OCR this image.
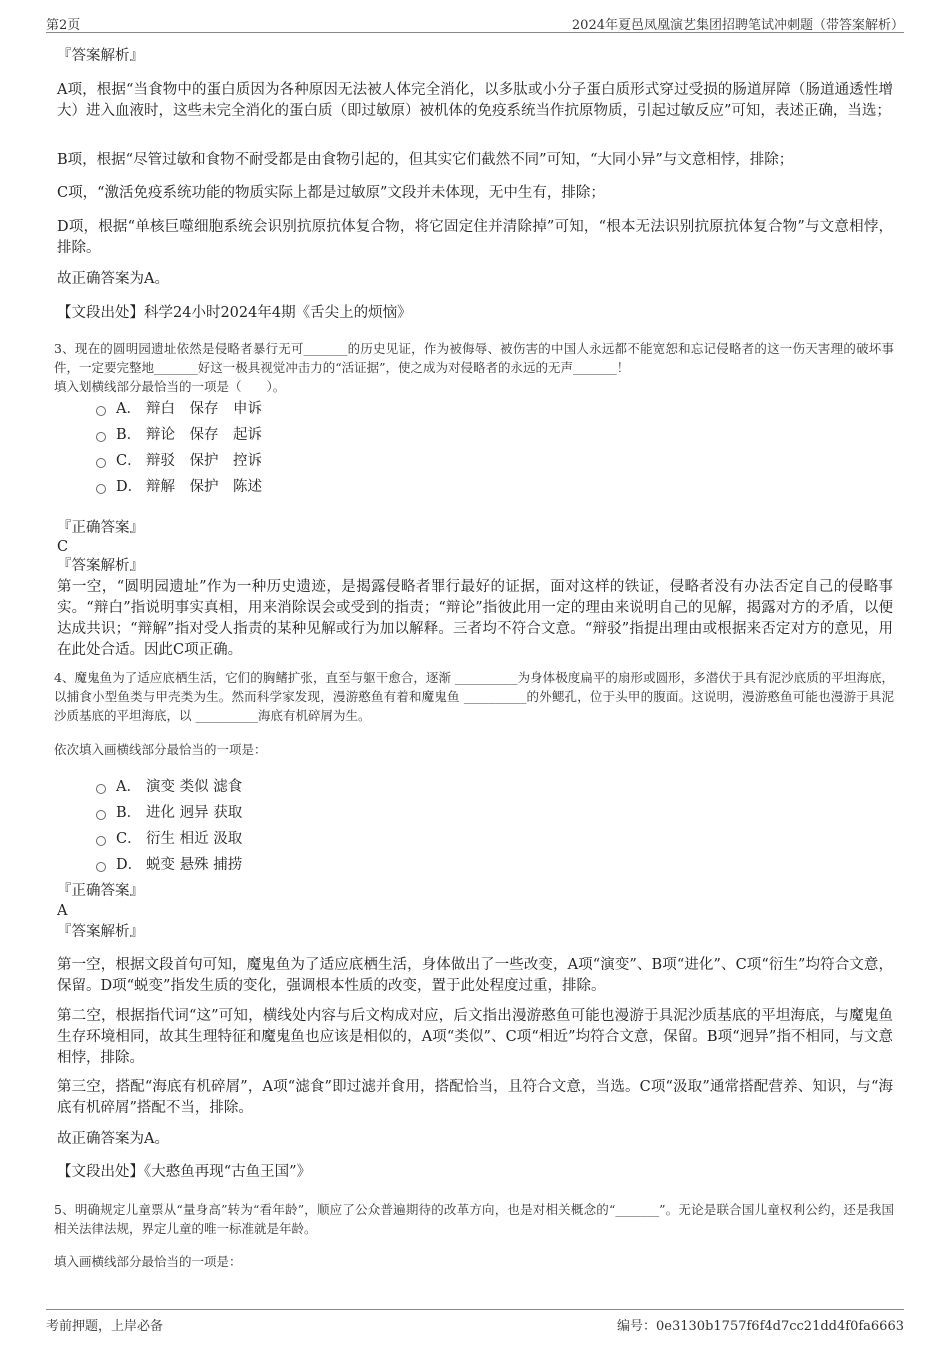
第2页	2024年夏邑凤凰演艺集团招聘笔试冲刺题（带答案解析）
『答案解析』
A项，根据“当食物中的蛋白质因为各种原因无法被人体完全消化，以多肽或小分子蛋白质形式穿过受损的肠道屏障（肠道通透性增大）进入血液时，这些未完全消化的蛋白质（即过敏原）被机体的免疫系统当作抗原物质，引起过敏反应”可知，表述正确，当选；
B项，根据“尽管过敏和食物不耐受都是由食物引起的，但其实它们截然不同”可知，“大同小异”与文意相悖，排除；
C项，“激活免疫系统功能的物质实际上都是过敏原”文段并未体现，无中生有，排除；
D项，根据“单核巨噬细胞系统会识别抗原抗体复合物，将它固定住并清除掉”可知，“根本无法识别抗原抗体复合物”与文意相悖，排除。
故正确答案为A。
【文段出处】科学24小时2024年4期《舌尖上的烦恼》
3、现在的圆明园遗址依然是侵略者暴行无可_______的历史见证，作为被侮辱、被伤害的中国人永远都不能宽恕和忘记侵略者的这一伤天害理的破坏事件，一定要完整地_______好这一极具视觉冲击力的“活证据”，使之成为对侵略者的永远的无声_______！
填入划横线部分最恰当的一项是（　　）。
A． 辩白　保存　申诉
B． 辩论　保存　起诉
C． 辩驳　保护　控诉
D． 辩解　保护　陈述
『正确答案』
C
『答案解析』
第一空，“圆明园遗址”作为一种历史遗迹，是揭露侵略者罪行最好的证据，面对这样的铁证，侵略者没有办法否定自己的侵略事实。“辩白”指说明事实真相，用来消除误会或受到的指责；“辩论”指彼此用一定的理由来说明自己的见解，揭露对方的矛盾，以便达成共识；“辩解”指对受人指责的某种见解或行为加以解释。三者均不符合文意。“辩驳”指提出理由或根据来否定对方的意见，用在此处合适。因此C项正确。
4、魔鬼鱼为了适应底栖生活，它们的胸鳍扩张，直至与躯干愈合，逐渐 __________为身体极度扁平的扇形或圆形，多潜伏于具有泥沙底质的平坦海底，以捕食小型鱼类与甲壳类为生。然而科学家发现，漫游憨鱼有着和魔鬼鱼 __________的外鳃孔，位于头甲的腹面。这说明，漫游憨鱼可能也漫游于具泥沙质基底的平坦海底，以 __________海底有机碎屑为生。
依次填入画横线部分最恰当的一项是：
A． 演变 类似 滤食
B． 进化 迥异 获取
C． 衍生 相近 汲取
D． 蜕变 悬殊 捕捞
『正确答案』
A
『答案解析』
第一空，根据文段首句可知，魔鬼鱼为了适应底栖生活，身体做出了一些改变，A项“演变”、B项“进化”、C项“衍生”均符合文意，保留。D项“蜕变”指发生质的变化，强调根本性质的改变，置于此处程度过重，排除。
第二空，根据指代词“这”可知，横线处内容与后文构成对应，后文指出漫游憨鱼可能也漫游于具泥沙质基底的平坦海底，与魔鬼鱼生存环境相同，故其生理特征和魔鬼鱼也应该是相似的，A项“类似”、C项“相近”均符合文意，保留。B项“迥异”指不相同，与文意相悖，排除。
第三空，搭配“海底有机碎屑”，A项“滤食”即过滤并食用，搭配恰当，且符合文意，当选。C项“汲取”通常搭配营养、知识，与“海底有机碎屑”搭配不当，排除。
故正确答案为A。
【文段出处】《大憨鱼再现“古鱼王国”》
5、明确规定儿童票从“量身高”转为“看年龄”，顺应了公众普遍期待的改革方向，也是对相关概念的“_______”。无论是联合国儿童权利公约，还是我国相关法律法规，界定儿童的唯一标准就是年龄。
填入画横线部分最恰当的一项是：
考前押题，上岸必备	编号：0e3130b1757f6f4d7cc21dd4f0fa6663
